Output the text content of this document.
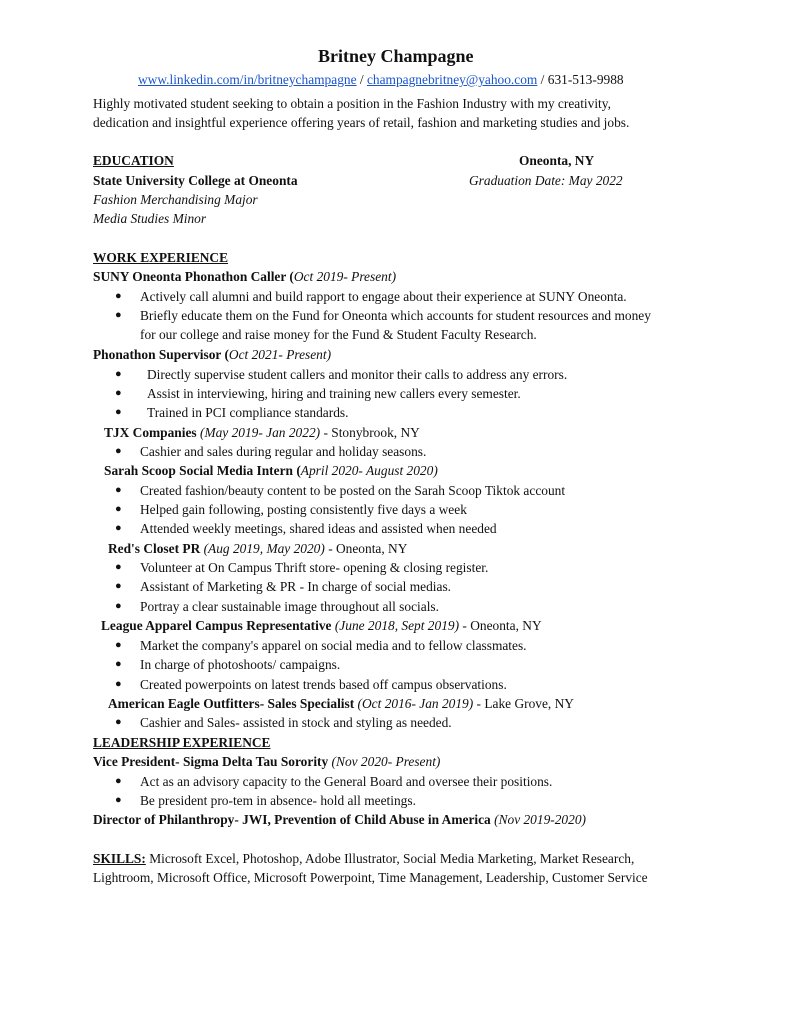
Britney Champagne
www.linkedin.com/in/britneychampagne / champagnebritney@yahoo.com / 631-513-9988
Highly motivated student seeking to obtain a position in the Fashion Industry with my creativity,
dedication and insightful experience offering years of retail, fashion and marketing studies and jobs.
EDUCATION	Oneonta, NY
State University College at Oneonta	Graduation Date: May 2022
Fashion Merchandising Major
Media Studies Minor
WORK EXPERIENCE
SUNY Oneonta Phonathon Caller (Oct 2019- Present)
● Actively call alumni and build rapport to engage about their experience at SUNY Oneonta.
● Briefly educate them on the Fund for Oneonta which accounts for student resources and money
for our college and raise money for the Fund & Student Faculty Research.
Phonathon Supervisor (Oct 2021- Present)
● Directly supervise student callers and monitor their calls to address any errors.
● Assist in interviewing, hiring and training new callers every semester.
● Trained in PCI compliance standards.
TJX Companies (May 2019- Jan 2022) - Stonybrook, NY
● Cashier and sales during regular and holiday seasons.
Sarah Scoop Social Media Intern (April 2020- August 2020)
● Created fashion/beauty content to be posted on the Sarah Scoop Tiktok account
● Helped gain following, posting consistently five days a week
● Attended weekly meetings, shared ideas and assisted when needed
Red's Closet PR (Aug 2019, May 2020) - Oneonta, NY
● Volunteer at On Campus Thrift store- opening & closing register.
● Assistant of Marketing & PR - In charge of social medias.
● Portray a clear sustainable image throughout all socials.
League Apparel Campus Representative (June 2018, Sept 2019) - Oneonta, NY
● Market the company's apparel on social media and to fellow classmates.
● In charge of photoshoots/ campaigns.
● Created powerpoints on latest trends based off campus observations.
American Eagle Outfitters- Sales Specialist (Oct 2016- Jan 2019) - Lake Grove, NY
● Cashier and Sales- assisted in stock and styling as needed.
LEADERSHIP EXPERIENCE
Vice President- Sigma Delta Tau Sorority (Nov 2020- Present)
● Act as an advisory capacity to the General Board and oversee their positions.
● Be president pro-tem in absence- hold all meetings.
Director of Philanthropy- JWI, Prevention of Child Abuse in America (Nov 2019-2020)
SKILLS: Microsoft Excel, Photoshop, Adobe Illustrator, Social Media Marketing, Market Research,
Lightroom, Microsoft Office, Microsoft Powerpoint, Time Management, Leadership, Customer Service
